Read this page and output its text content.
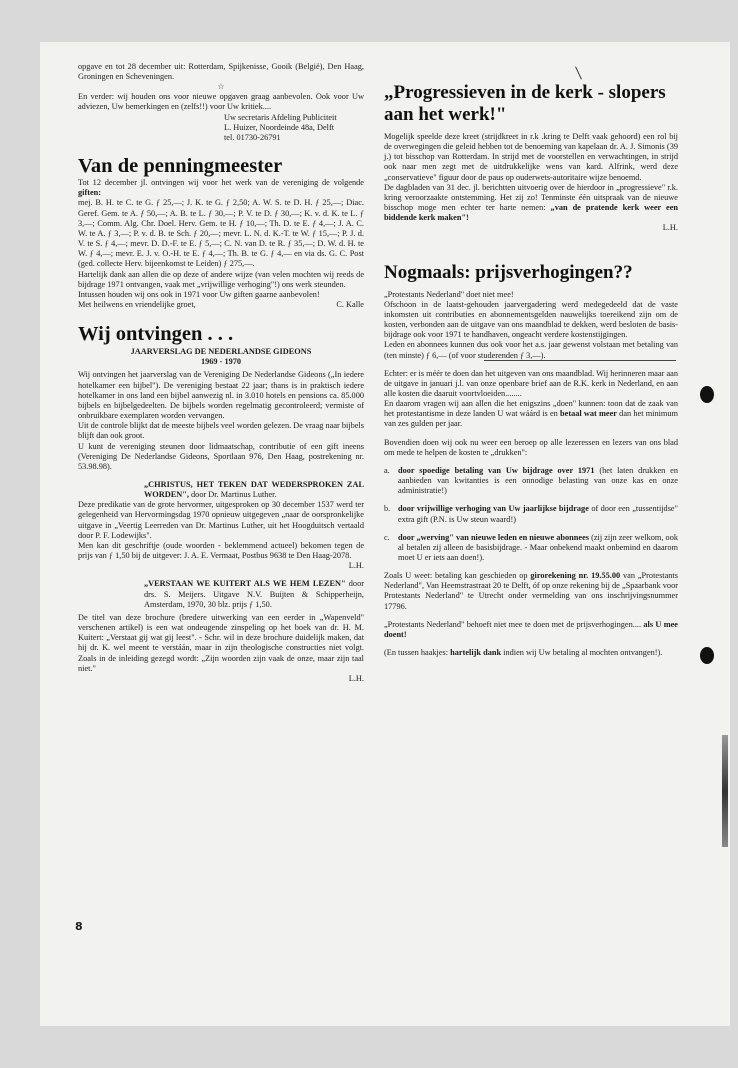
opgave en tot 28 december uit: Rotterdam, Spijkenisse, Gooik (België), Den Haag, Groningen en Scheveningen.

☆

En verder: wij houden ons voor nieuwe opgaven graag aanbevolen. Ook voor Uw adviezen, Uw bemerkingen en (zelfs!!) voor Uw kritiek....

Uw secretaris Afdeling Publiciteit
L. Huizer, Noordeinde 48a, Delft
tel. 01730-26791
Van de penningmeester

Tot 12 december jl. ontvingen wij voor het werk van de vereniging de volgende giften:

mej. B. H. te C. te G. ƒ 25,—; J. K. te G. ƒ 2,50; A. W. S. te D. H. ƒ 25,—; Diac. Geref. Gem. te A. ƒ 50,—; A. B. te L. ƒ 30,—; P. V. te D. ƒ 30,—; K. v. d. K. te L. ƒ 3,—; Comm. Alg. Chr. Doel. Herv. Gem. te H. ƒ 10,—; Th. D. te E. ƒ 4,—; J. A. C. W. te A. ƒ 3,—; P. v. d. B. te Sch. ƒ 20,—; mevr. L. N. d. K.-T. te W. ƒ 15,—; P. J. d. V. te S. ƒ 4,—; mevr. D. D.-F. te E. ƒ 5,—; C. N. van D. te R. ƒ 35,—; D. W. d. H. te W. ƒ 4,—; mevr. E. J. v. O.-H. te E. ƒ 4,—; Th. B. te G. ƒ 4,— en via ds. G. C. Post (ged. collecte Herv. bijeenkomst te Leiden) ƒ 275,—.

Hartelijk dank aan allen die op deze of andere wijze (van velen mochten wij reeds de bijdrage 1971 ontvangen, vaak met „vrijwillige verhoging"!) ons werk steunden.

Intussen houden wij ons ook in 1971 voor Uw giften gaarne aanbevolen!

Met heilwens en vriendelijke groet,	C. Kalle
Wij ontvingen . . .
JAARVERSLAG DE NEDERLANDSE GIDEONS
1969 - 1970

Wij ontvingen het jaarverslag van de Vereniging De Nederlandse Gideons („In iedere hotelkamer een bijbel"). De vereniging bestaat 22 jaar; thans is in praktisch iedere hotelkamer in ons land een bijbel aanwezig nl. in 3.010 hotels en pensions ca. 85.000 bijbels en bijbelgedeelten. De bijbels worden regelmatig gecontroleerd; vermiste of onbruikbare exemplaren worden vervangen.

Uit de controle blijkt dat de meeste bijbels veel worden gelezen. De vraag naar bijbels blijft dan ook groot.

U kunt de vereniging steunen door lidmaatschap, contributie of een gift ineens (Vereniging De Nederlandse Gideons, Sportlaan 976, Den Haag, postrekening nr. 53.98.98).

„CHRISTUS, HET TEKEN DAT WEDERSPROKEN ZAL WORDEN", door Dr. Martinus Luther.

Deze predikatie van de grote hervormer, uitgesproken op 30 december 1537 werd ter gelegenheid van Hervormingsdag 1970 opnieuw uitgegeven „naar de oorspronkelijke uitgave in „Veertig Leerreden van Dr. Martinus Luther, uit het Hoogduitsch vertaald door P. F. Lodewijks".

Men kan dit geschriftje (oude woorden - beklemmend actueel) bekomen tegen de prijs van ƒ 1,50 bij de uitgever: J. A. E. Vermaat, Postbus 9638 te Den Haag-2078.

L.H.

„VERSTAAN WE KUITERT ALS WE HEM LEZEN" door drs. S. Meijers. Uitgave N.V. Buijten & Schipperheijn, Amsterdam, 1970, 30 blz. prijs ƒ 1,50.

De titel van deze brochure (bredere uitwerking van een eerder in „Wapenveld" verschenen artikel) is een wat ondeugende zinspeling op het boek van dr. H. M. Kuitert: „Verstaat gij wat gij leest". - Schr. wil in deze brochure duidelijk maken, dat hij dr. K. wel meent te verstáán, maar in zijn theologische constructies niet volgt. Zoals in de inleiding gezegd wordt: „Zijn woorden zijn vaak de onze, maar zijn taal niet."

L.H.
„Progressieven in de kerk - slopers aan het werk!"

Mogelijk speelde deze kreet (strijdkreet in r.k .kring te Delft vaak gehoord) een rol bij de overwegingen die geleid hebben tot de benoeming van kapelaan dr. A. J. Simonis (39 j.) tot bisschop van Rotterdam. In strijd met de voorstellen en verwachtingen, in strijd ook naar men zegt met de uitdrukkelijke wens van kard. Alfrink, werd deze „conservatieve" figuur door de paus op ouderwets-autoritaire wijze benoemd.

De dagbladen van 31 dec. jl. berichtten uitvoerig over de hierdoor in „progressieve" r.k. kring veroorzaakte ontstemming. Het zij zo! Tenminste één uitspraak van de nieuwe bisschop moge men echter ter harte nemen: „van de pratende kerk weer een biddende kerk maken"!

L.H.
Nogmaals: prijsverhogingen??

„Protestants Nederland" doet niet mee!

Ofschoon in de laatst-gehouden jaarvergadering werd medegedeeld dat de vaste inkomsten uit contributies en abonnementsgelden nauwelijks toereikend zijn om de kosten, verbonden aan de uitgave van ons maandblad te dekken, werd besloten de basis-bijdrage ook voor 1971 te handhaven, ongeacht verdere kostenstijgingen.

Leden en abonnees kunnen dus ook voor het a.s. jaar gewenst volstaan met betaling van (ten minste) ƒ 6,— (of voor studerenden ƒ 3,—).

Echter: er is méér te doen dan het uitgeven van ons maandblad. Wij herinneren maar aan de uitgave in januari j.l. van onze openbare brief aan de R.K. kerk in Nederland, en aan alle kosten die daaruit voortvloeiden........

En daarom vragen wij aan allen die het enigszins „doen" kunnen: toon dat de zaak van het protestantisme in deze landen U wat wáárd is en betaal wat meer dan het minimum van zes gulden per jaar.

Bovendien doen wij ook nu weer een beroep op alle lezeressen en lezers van ons blad om mede te helpen de kosten te „drukken":

a. door spoedige betaling van Uw bijdrage over 1971 (het laten drukken en aanbieden van kwitanties is een onnodige belasting van onze kas en onze administratie!)
b. door vrijwillige verhoging van Uw jaarlijkse bijdrage of door een „tussentijdse" extra gift (P.N. is Uw steun waard!)
c. door „werving" van nieuwe leden en nieuwe abonnees (zij zijn zeer welkom, ook al betalen zij alleen de basisbijdrage. - Maar onbekend maakt onbemind en daarom moet U er iets aan doen!).

Zoals U weet: betaling kan geschieden op girorekening nr. 19.55.00 van „Protestants Nederland", Van Heemstrastraat 20 te Delft, óf op onze rekening bij de „Spaarbank voor Protestants Nederland" te Utrecht onder vermelding van ons inschrijvingsnummer 17796.

„Protestants Nederland" behoeft niet mee te doen met de prijsverhogingen.... als U mee doent!

(En tussen haakjes: hartelijk dank indien wij Uw betaling al mochten ontvangen!).

8
